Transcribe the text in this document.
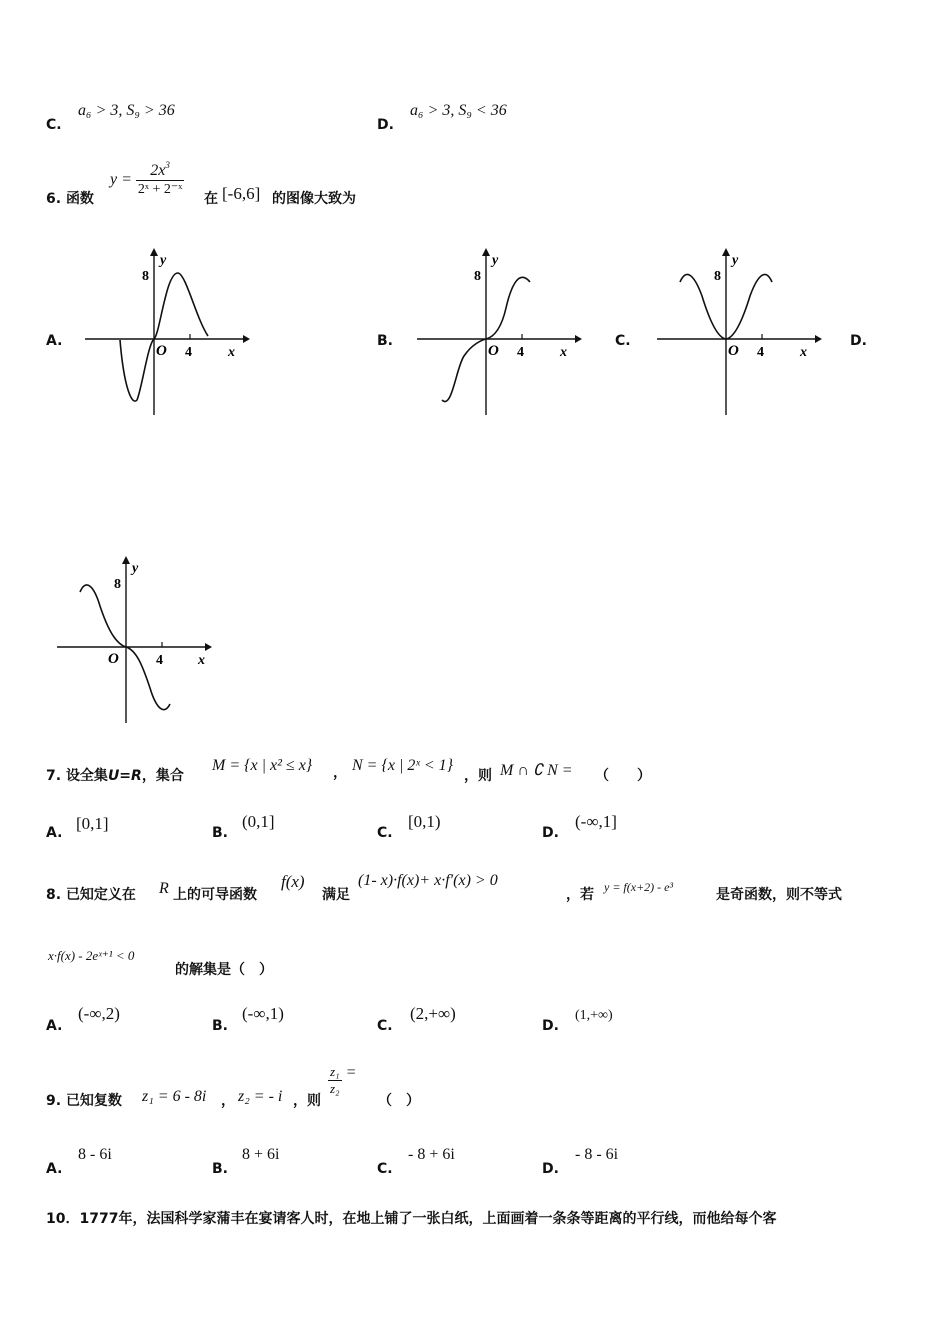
C.
a₆ > 3, S₉ > 36
D.
a₆ > 3, S₉ < 36
6. 函数
$y = \frac{2x^3}{\text{2ˣ + 2⁻ˣ}}$
在 [-6,6] 的图像大致为
A.	B.	C.	D.
8
y
O 4	x
8
y
O 4	x
8
y
O 4	x
8
y
O	4	x
7. 设全集U=R，集合
M = {x | x² ≤ x} ， N = {x | 2ˣ < 1}
，则 M ∩ ∁ N = （　　）
A. [0,1]	B.
(0,1]
C.
[0,1)
D.
(-∞,1]
8. 已知定义在 R 上的可导函数
f(x)
满足
(1- x)·f(x)+ x·f′(x) > 0
，若 y = f(x+2) - e³	是奇函数，则不等式
x·f(x) - 2eˣ⁺¹ < 0
的解集是（　）
A.
(-∞,2)
B.
(-∞,1)
C.
(2,+∞)
D.
(1,+∞)
9. 已知复数 z₁ = 6 - 8i ， z₂ = - i ，则
$\frac{\text{z₁}}{\text{z₂}}$ =
（　）
A.
8 - 6i
B.
8 + 6i
C.
- 8 + 6i
D.
- 8 - 6i
10．1777年，法国科学家蒲丰在宴请客人时，在地上铺了一张白纸，上面画着一条条等距离的平行线，而他给每个客
